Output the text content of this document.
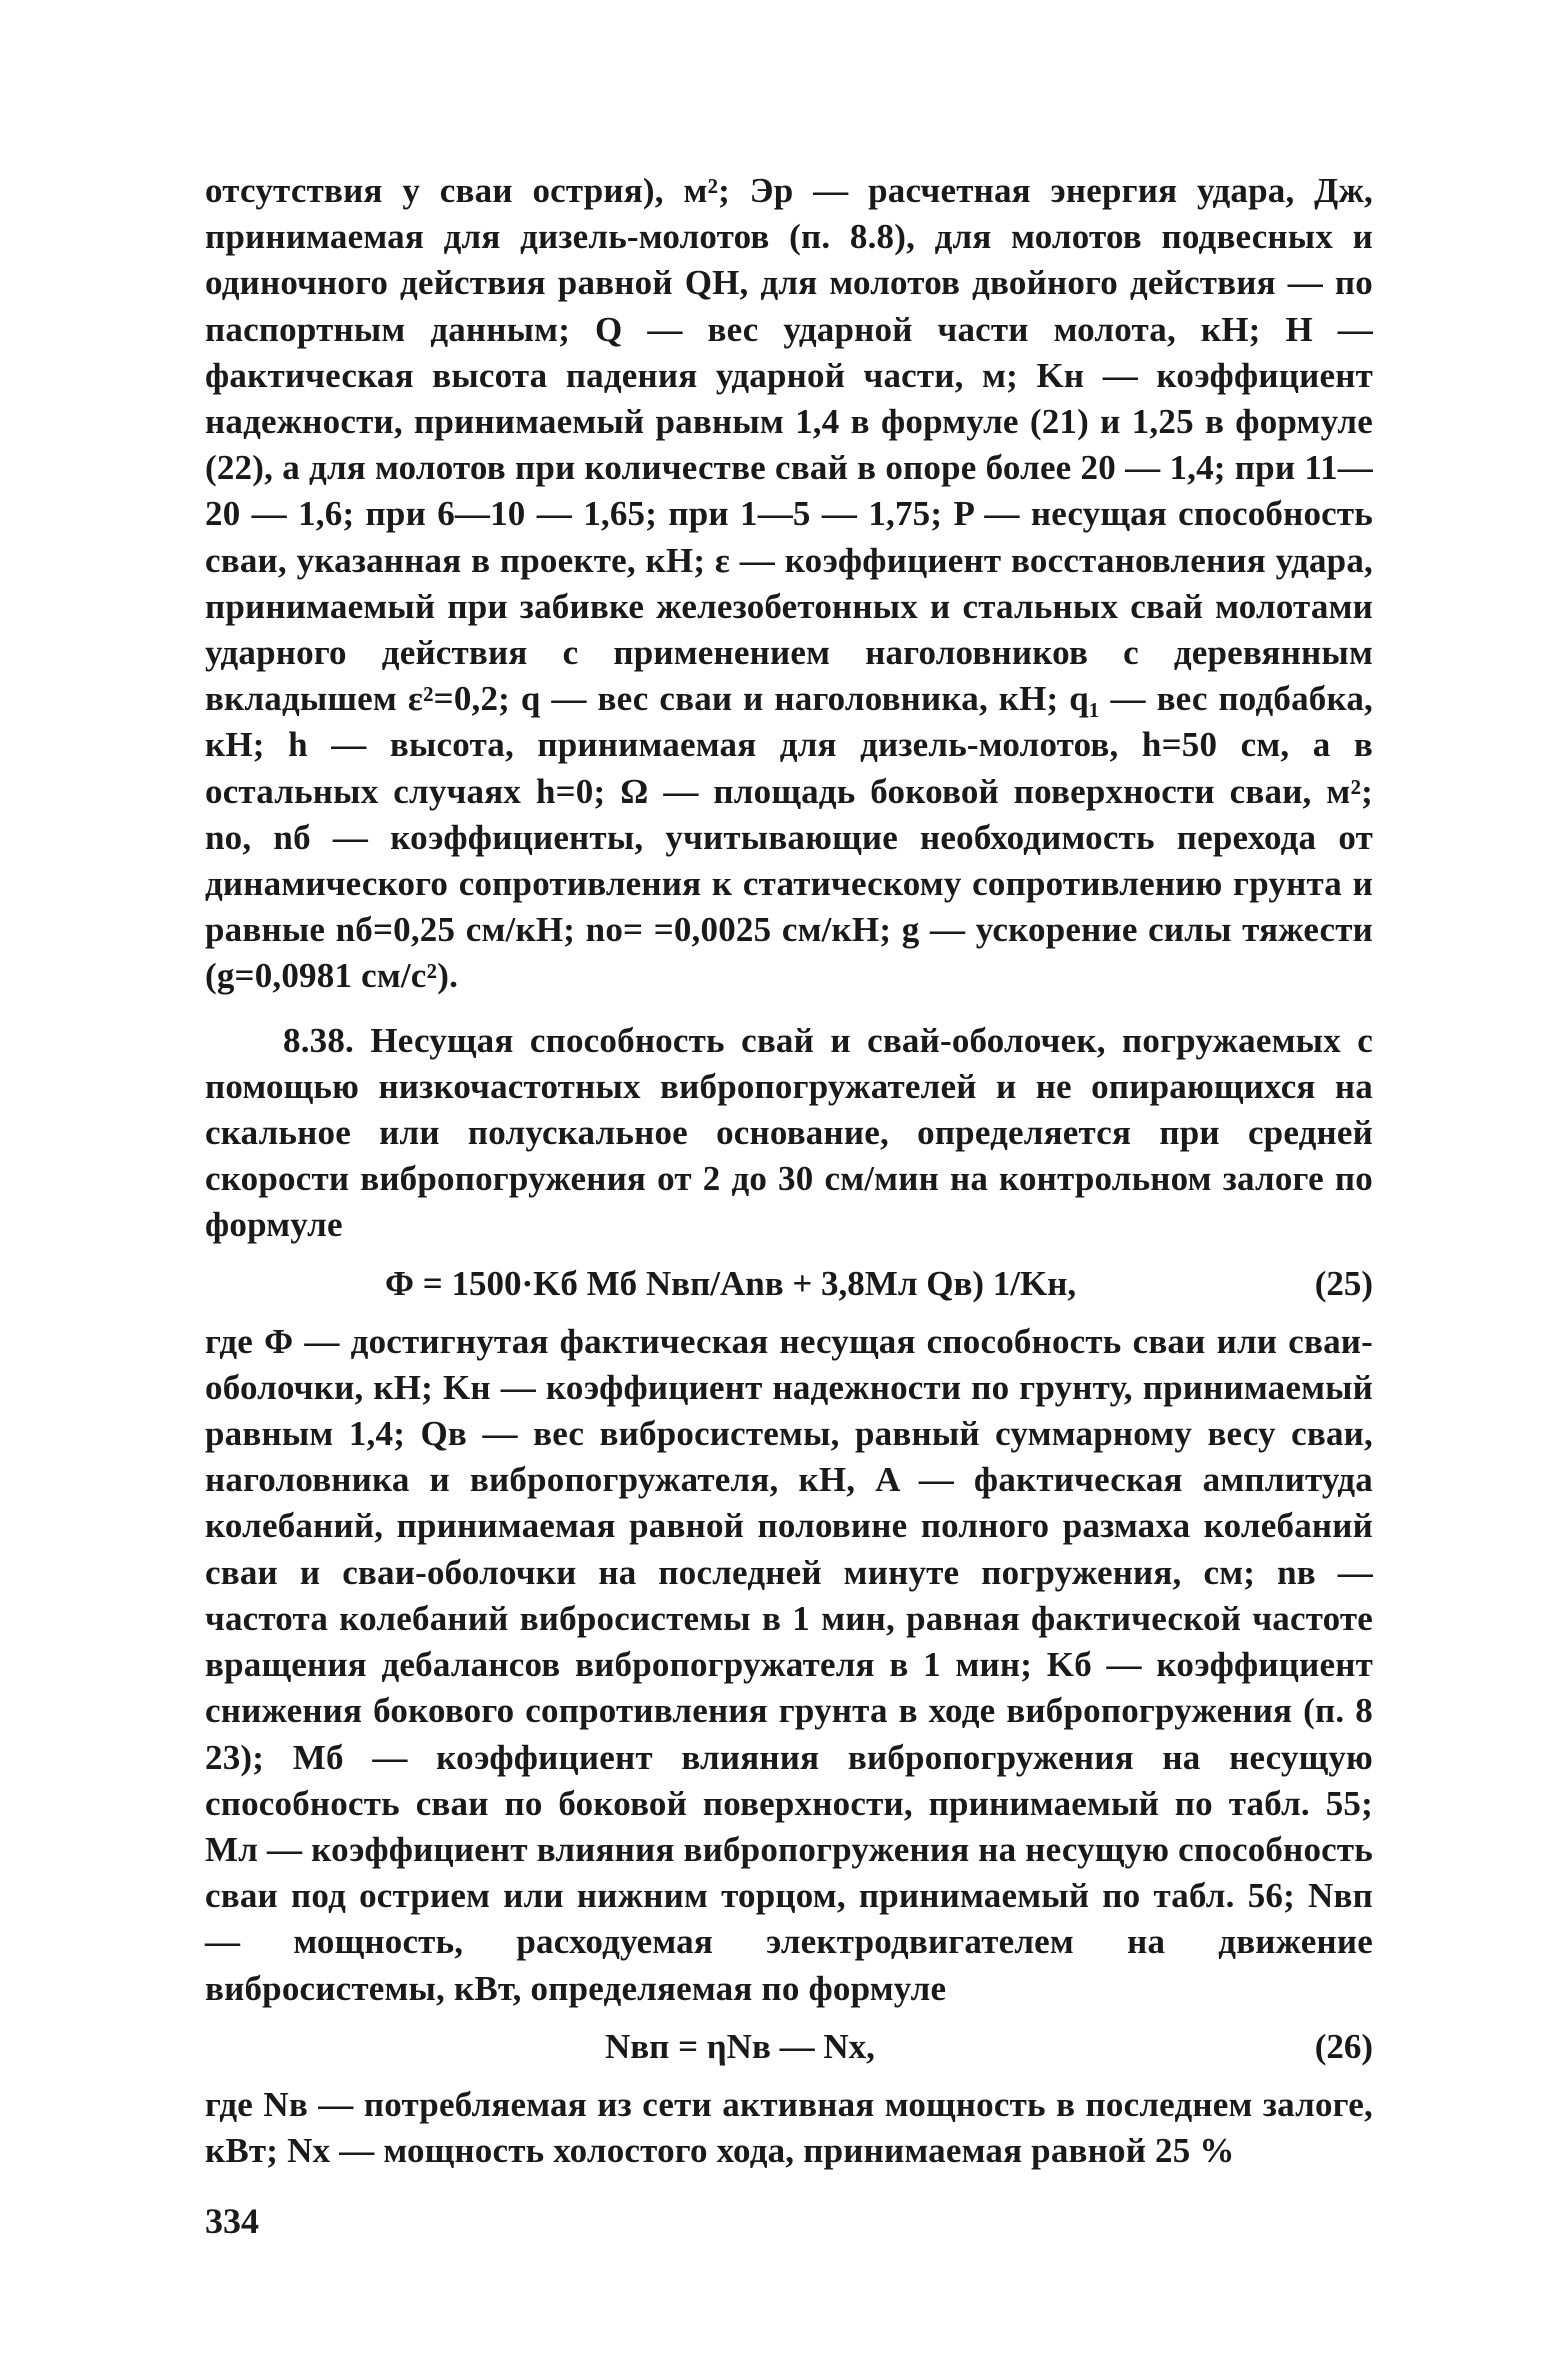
отсутствия у сваи острия), м²; Эр — расчетная энергия удара, Дж, принимаемая для дизель-молотов (п. 8.8), для молотов подвесных и одиночного действия равной QH, для молотов двойного действия — по паспортным данным; Q — вес ударной части молота, кН; H — фактическая высота падения ударной части, м; Kн — коэффициент надежности, принимаемый равным 1,4 в формуле (21) и 1,25 в формуле (22), а для молотов при количестве свай в опоре более 20 — 1,4; при 11—20 — 1,6; при 6—10 — 1,65; при 1—5 — 1,75; P — несущая способность сваи, указанная в проекте, кН; ε — коэффициент восстановления удара, принимаемый при забивке железобетонных и стальных свай молотами ударного действия с применением наголовников с деревянным вкладышем ε²=0,2; q — вес сваи и наголовника, кН; q₁ — вес подбабка, кН; h — высота, принимаемая для дизель-молотов, h=50 см, а в остальных случаях h=0; Ω — площадь боковой поверхности сваи, м²; nо, nб — коэффициенты, учитывающие необходимость перехода от динамического сопротивления к статическому сопротивлению грунта и равные nб=0,25 см/кН; nо= =0,0025 см/кН; g — ускорение силы тяжести (g=0,0981 см/с²).

8.38. Несущая способность свай и свай-оболочек, погружаемых с помощью низкочастотных вибропогружателей и не опирающихся на скальное или полускальное основание, определяется при средней скорости вибропогружения от 2 до 30 см/мин на контрольном залоге по формуле

Φ = 1500·Kб Mб Nвп/Anв + 3,8Mл Qв) 1/Kн,	(25)

где Φ — достигнутая фактическая несущая способность сваи или сваи-оболочки, кН; Kн — коэффициент надежности по грунту, принимаемый равным 1,4; Qв — вес вибросистемы, равный суммарному весу сваи, наголовника и вибропогружателя, кН, A — фактическая амплитуда колебаний, принимаемая равной половине полного размаха колебаний сваи и сваи-оболочки на последней минуте погружения, см; nв — частота колебаний вибросистемы в 1 мин, равная фактической частоте вращения дебалансов вибропогружателя в 1 мин; Kб — коэффициент снижения бокового сопротивления грунта в ходе вибропогружения (п. 8 23); Mб — коэффициент влияния вибропогружения на несущую способность сваи по боковой поверхности, принимаемый по табл. 55; Mл — коэффициент влияния вибропогружения на несущую способность сваи под острием или нижним торцом, принимаемый по табл. 56; Nвп — мощность, расходуемая электродвигателем на движение вибросистемы, кВт, определяемая по формуле

Nвп = ηNв — Nх,	(26)

где Nв — потребляемая из сети активная мощность в последнем залоге, кВт; Nх — мощность холостого хода, принимаемая равной 25 %

334
